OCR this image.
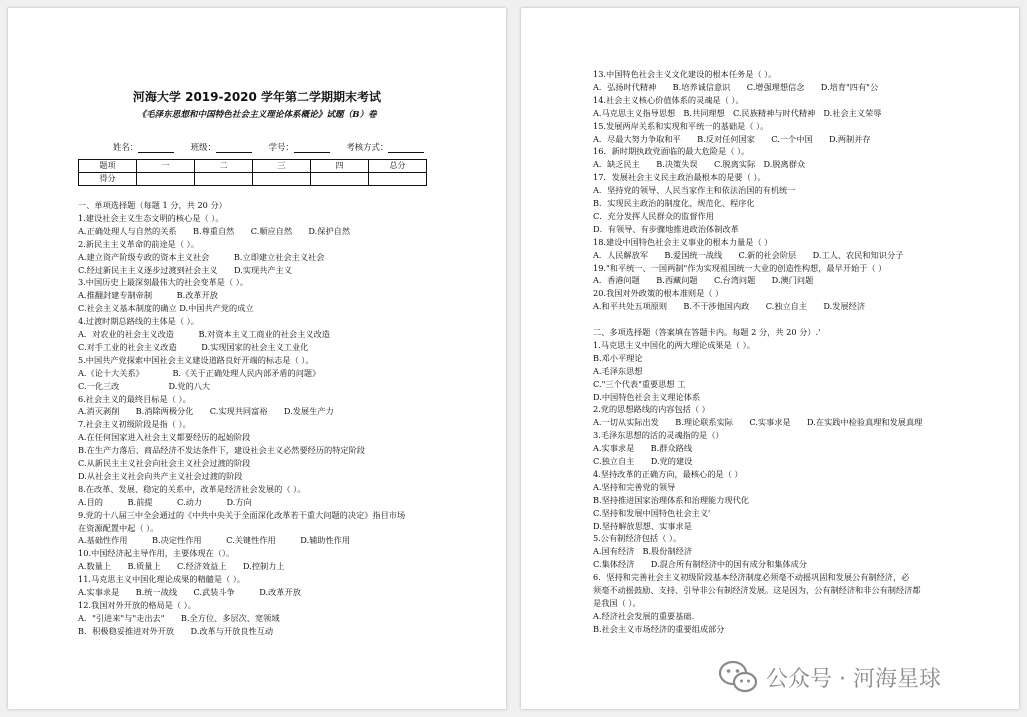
河海大学 2019-2020 学年第二学期期末考试
《毛泽东思想和中国特色社会主义理论体系概论》试题（B）卷
姓名：	班级：	学号：	考核方式：
题项	一	二	三	四	总分
得分					
一、单项选择题（每题 1 分，共 20 分）
1.建设社会主义生态文明的核心是（ ）。
A.正确处理人与自然的关系　　B.尊重自然　　C.顺应自然　　D.保护自然
2.新民主主义革命的前途是（ ）。
A.建立资产阶级专政的资本主义社会　　　B.立即建立社会主义社会
C.经过新民主主义逐步过渡到社会主义　　D.实现共产主义
3.中国历史上最深刻最伟大的社会变革是（ ）。
A.推翻封建专制帝制　　　B.改革开放
C.社会主义基本制度的确立 D.中国共产党的成立
4.过渡时期总路线的主体是（ ）。
A．对农业的社会主义改造　　　B.对资本主义工商业的社会主义改造
C.对手工业的社会主义改造　　　D.实现国家的社会主义工业化
5.中国共产党探索中国社会主义建设道路良好开端的标志是（ ）。
A.《论十大关系》　　　　B.《关于正确处理人民内部矛盾的问题》
C.一化三改　　　　　　D.党的八大
6.社会主义的最终目标是（ ）。
A.消灭剥削　　B.消除两极分化　　C.实现共同富裕　　D.发展生产力
7.社会主义初级阶段是指（ ）。
A.在任何国家进入社会主义都要经历的起始阶段
B.在生产力落后、商品经济不发达条件下，建设社会主义必然要经历的特定阶段
C.从新民主主义社会向社会主义社会过渡的阶段
D.从社会主义社会向共产主义社会过渡的阶段
8.在改革、发展、稳定的关系中，改革是经济社会发展的（ ）。
A.目的　　　B.前提　　　C.动力　　　D.方向
9.党的十八届三中全会通过的《中共中央关于全面深化改革若干重大问题的决定》指目市场
在资源配置中起（ ）。
A.基础性作用　　　B.决定性作用　　　C.关键性作用　　　D.辅助性作用
10.中国经济起主导作用，主要体现在（）。
A.数量上　　B.质量上　　C.经济效益上　　D.控制力上
11.马克思主义中国化理论成果的精髓是（ ）。
A.实事求是　　B.统一战线　　C.武装斗争　　　D.改革开放
12.我国对外开放的格局是（ ）。
A．"引进来"与"走出去"　　B.全方位、多层次、宽领域
B．积极稳妥推进对外开放　　D.改革与开放良性互动
13.中国特色社会主义文化建设的根本任务是（ ）。
A．弘扬时代精神　　B.培养诚信意识　　C.增强理想信念　　D.培育"四有"公
14.社会主义核心价值体系的灵魂是（ ）。
A.马克思主义指导思想　B.共同理想　C.民族精神与时代精神　D.社会主义荣辱
15.发展两岸关系和实现和平统一的基础是（ ）。
A．尽最大努力争取和平　　B.反对任何国家　　C.一个中国　　D.两制并存
16．新时期执政党面临的最大危险是（ ）。
A．缺乏民主　　B.决策失误　　C.脱离实际　D.脱离群众
17．发展社会主义民主政治最根本的是要（ ）。
A．坚持党的领导、人民当家作主和依法治国的有机统一
B．实现民主政治的制度化、规范化、程序化
C．充分发挥人民群众的监督作用
D．有领导、有步骤地推进政治体制改革
18.建设中国特色社会主义事业的根本力量是（ ）
A．人民解放军　　B.爱国统一战线　　C.新的社会阶层　　D.工人、农民和知识分子
19."和平统一、一国两制"作为实现祖国统一大业的创造性构想，最早开始于（ ）
A．香港问题　　B.西藏问题　　C.台湾问题　　D.澳门问题
20.我国对外政策的根本准则是（ ）
A.和平共处五项原则　　B.不干涉他国内政　　C.独立自主　　D.发展经济
二、多项选择题（答案填在答题卡内。每题 2 分，共 20 分）.'
1.马克思主义中国化的两大理论成果是（ ）。
B.邓小平理论
A.毛泽东思想
C."三个代表"重要思想 工
D.中国特色社会主义理论体系
2.党的思想路线的内容包括（ ）
A.一切从实际出发　　B.理论联系实际　　C.实事求是　　D.在实践中检验真理和发展真理
3.毛泽东思想的活的灵魂指的是（）
A.实事求是　　B.群众路线
C.独立自主　　D.党的建设
4.坚持改革的正确方向，最核心的是（ ）
A.坚持和完善党的领导
B.坚持推进国家治理体系和治理能力现代化
C.坚持和发展中国特色社会主义'
D.坚持解放思想、实事求是
5.公有制经济包括（ ）。
A.国有经济　B.股份制经济
C.集体经济　　D.混合所有制经济中的国有成分和集体成分
6．坚持和完善社会主义初级阶段基本经济制度必须毫不动摇巩固和发展公有制经济，必
须毫不动摇鼓励、支持、引导非公有制经济发展。这是因为，公有制经济和非公有制经济都
是我国（ ）。
A.经济社会发展的重要基础.
B.社会主义市场经济的重要组成部分
公众号 · 河海星球
